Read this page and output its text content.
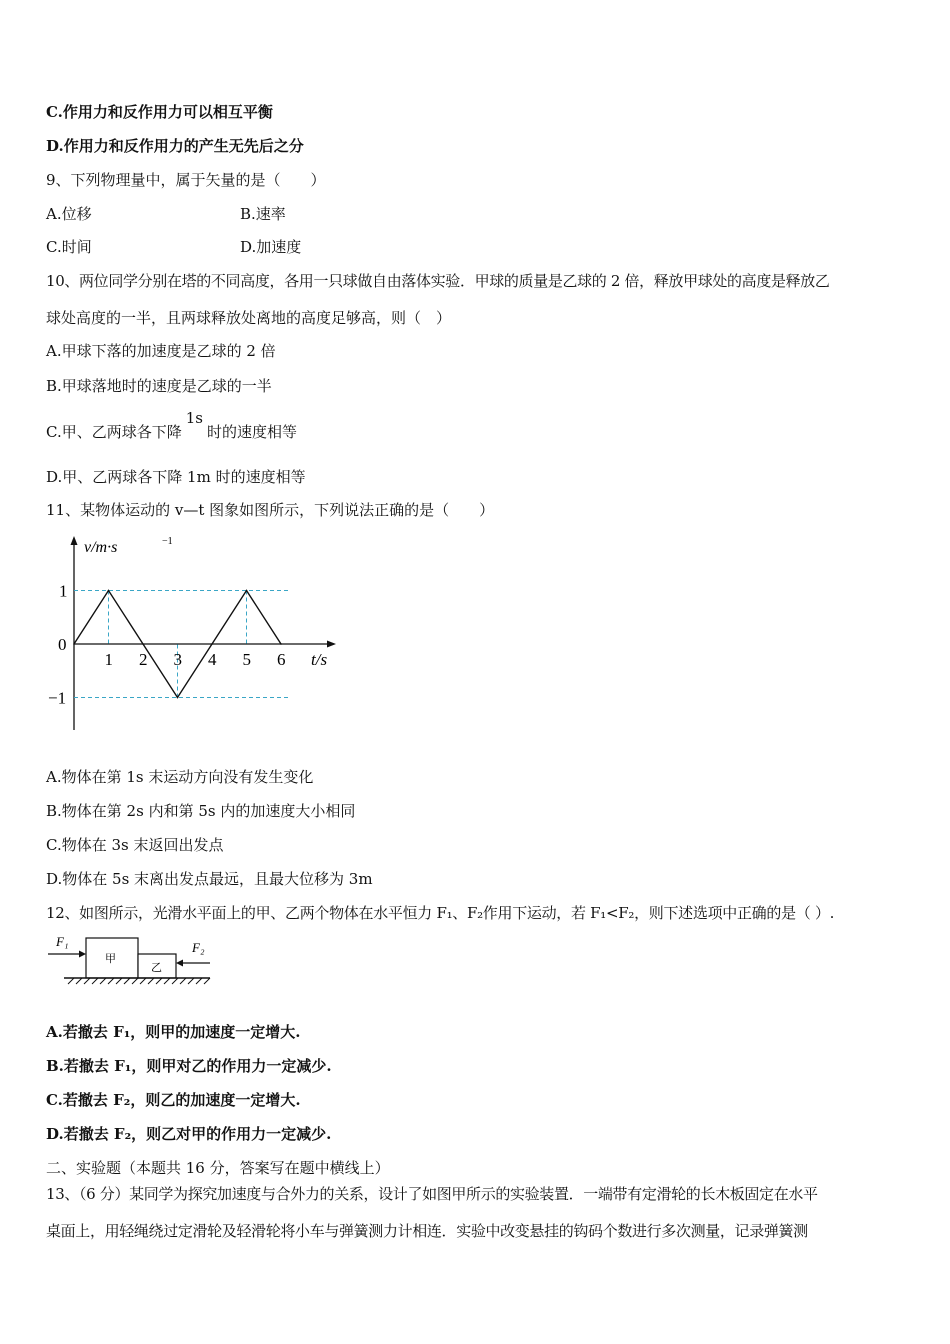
C.作用力和反作用力可以相互平衡
D.作用力和反作用力的产生无先后之分
9、下列物理量中，属于矢量的是（　　）
A.位移	B.速率
C.时间	D.加速度
10、两位同学分别在塔的不同高度，各用一只球做自由落体实验．甲球的质量是乙球的 2 倍，释放甲球处的高度是释放乙
球处高度的一半，且两球释放处离地的高度足够高，则（　）
A.甲球下落的加速度是乙球的 2 倍
B.甲球落地时的速度是乙球的一半
C.甲、乙两球各下降1s时的速度相等
D.甲、乙两球各下降 1m 时的速度相等
11、某物体运动的 v—t 图象如图所示，下列说法正确的是（　　）
1 2 3 4 5 6
1
−1
0
v/m·s	−1
t/s
A.物体在第 1s 末运动方向没有发生变化
B.物体在第 2s 内和第 5s 内的加速度大小相同
C.物体在 3s 末返回出发点
D.物体在 5s 末离出发点最远，且最大位移为 3m
12、如图所示，光滑水平面上的甲、乙两个物体在水平恒力 F₁、F₂作用下运动，若 F₁<F₂，则下述选项中正确的是（ ）.
F₁
甲
乙
F₂
A.若撤去 F₁，则甲的加速度一定增大.
B.若撤去 F₁，则甲对乙的作用力一定减少.
C.若撤去 F₂，则乙的加速度一定增大.
D.若撤去 F₂，则乙对甲的作用力一定减少.
二、实验题（本题共 16 分，答案写在题中横线上）
13、（6 分）某同学为探究加速度与合外力的关系，设计了如图甲所示的实验装置．一端带有定滑轮的长木板固定在水平
桌面上，用轻绳绕过定滑轮及轻滑轮将小车与弹簧测力计相连．实验中改变悬挂的钩码个数进行多次测量，记录弹簧测
